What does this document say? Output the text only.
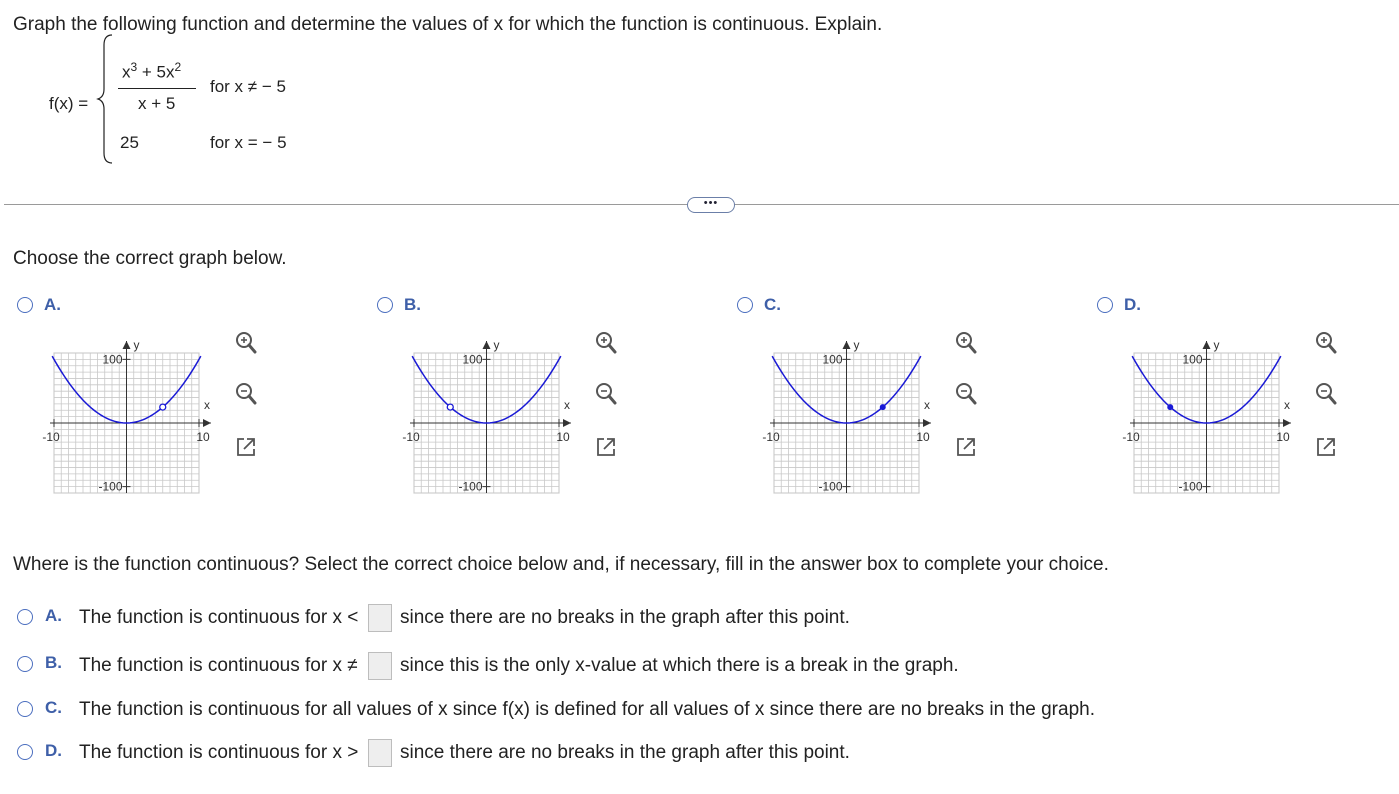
Graph the following function and determine the values of x for which the function is continuous. Explain.
f(x) =
$x^3 + 5x^2$
x + 5
for x ≠ − 5
25	for x = − 5
•••
Choose the correct graph below.
A.
y
x
100
-100
-10	10
B.
y
x
100
-100
-10	10
C.
y
x
100
-100
-10	10
D.
y
x
100
-100
-10	10
Where is the function continuous? Select the correct choice below and, if necessary, fill in the answer box to complete your choice.
A. The function is continuous for x < since there are no breaks in the graph after this point.
B. The function is continuous for x ≠ since this is the only x-value at which there is a break in the graph.
C. The function is continuous for all values of x since f(x) is defined for all values of x since there are no breaks in the graph.
D. The function is continuous for x > since there are no breaks in the graph after this point.
